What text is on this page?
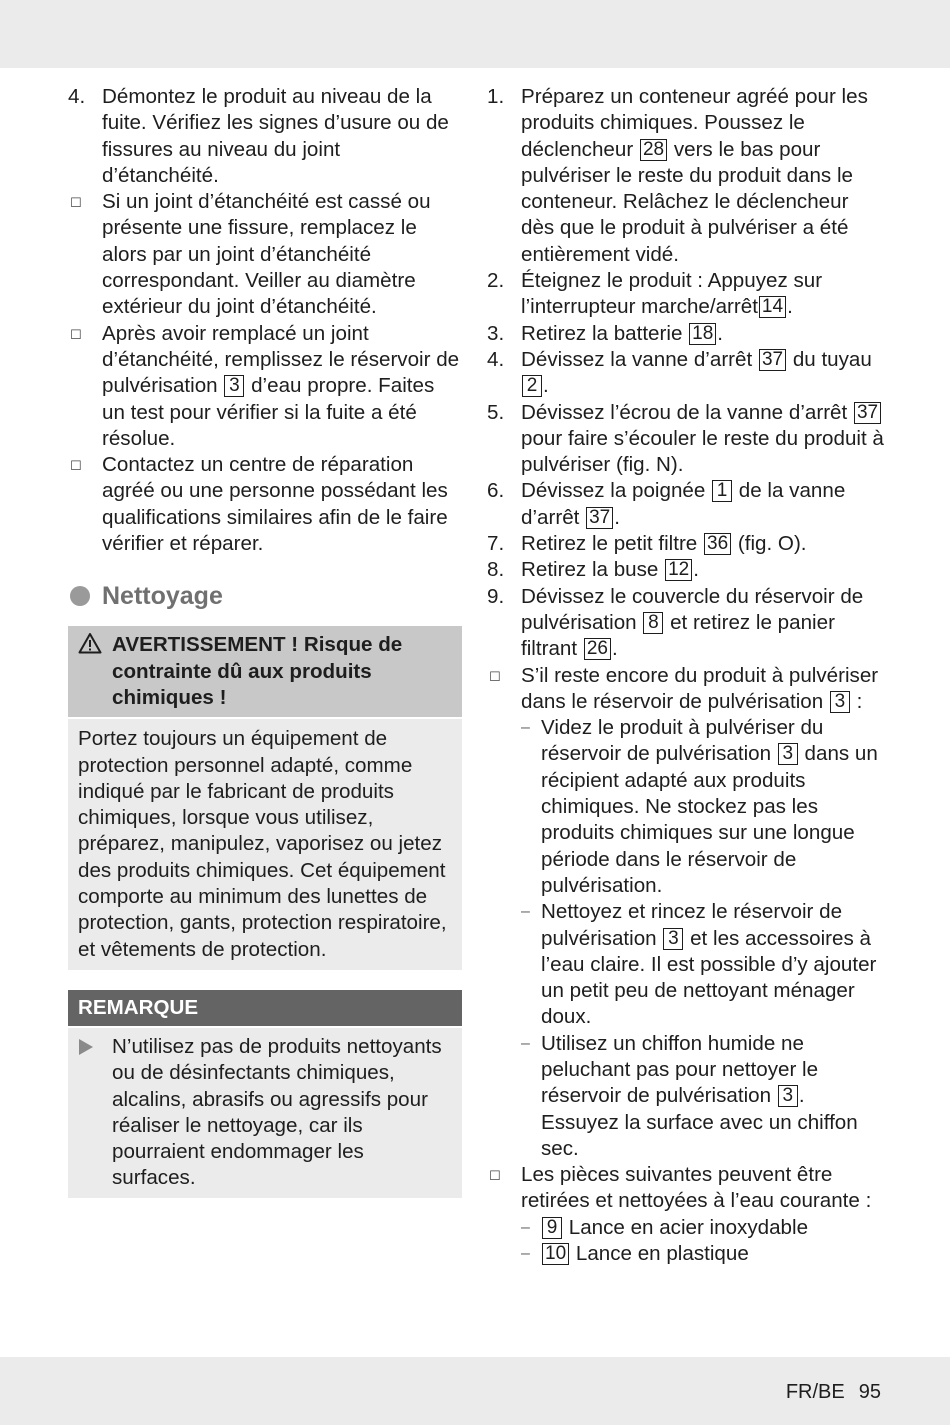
4. Démontez le produit au niveau de la fuite. Vérifiez les signes d’usure ou de fissures au niveau du joint d’étanchéité.
☐ Si un joint d’étanchéité est cassé ou présente une fissure, remplacez le alors par un joint d’étanchéité correspondant. Veiller au diamètre extérieur du joint d’étanchéité.
☐ Après avoir remplacé un joint d’étanchéité, remplissez le réservoir de pulvérisation 3 d’eau propre. Faites un test pour vérifier si la fuite a été résolue.
☐ Contactez un centre de réparation agréé ou une personne possédant les qualifications similaires afin de le faire vérifier et réparer.
Nettoyage
AVERTISSEMENT ! Risque de contrainte dû aux produits chimiques !
Portez toujours un équipement de protection personnel adapté, comme indiqué par le fabricant de produits chimiques, lorsque vous utilisez, préparez, manipulez, vaporisez ou jetez des produits chimiques. Cet équipement comporte au minimum des lunettes de protection, gants, protection respiratoire, et vêtements de protection.
REMARQUE
N’utilisez pas de produits nettoyants ou de désinfectants chimiques, alcalins, abrasifs ou agressifs pour réaliser le nettoyage, car ils pourraient endommager les surfaces.
1. Préparez un conteneur agréé pour les produits chimiques. Poussez le déclencheur 28 vers le bas pour pulvériser le reste du produit dans le conteneur. Relâchez le déclencheur dès que le produit à pulvériser a été entièrement vidé.
2. Éteignez le produit : Appuyez sur l’interrupteur marche/arrêt 14 .
3. Retirez la batterie 18 .
4. Dévissez la vanne d’arrêt 37 du tuyau 2 .
5. Dévissez l’écrou de la vanne d’arrêt 37 pour faire s’écouler le reste du produit à pulvériser (fig. N).
6. Dévissez la poignée 1 de la vanne d’arrêt 37 .
7. Retirez le petit filtre 36 (fig. O).
8. Retirez la buse 12 .
9. Dévissez le couvercle du réservoir de pulvérisation 8 et retirez le panier filtrant 26 .
☐ S’il reste encore du produit à pulvériser dans le réservoir de pulvérisation 3 :
– Videz le produit à pulvériser du réservoir de pulvérisation 3 dans un récipient adapté aux produits chimiques. Ne stockez pas les produits chimiques sur une longue période dans le réservoir de pulvérisation.
– Nettoyez et rincez le réservoir de pulvérisation 3 et les accessoires à l’eau claire. Il est possible d’y ajouter un petit peu de nettoyant ménager doux.
– Utilisez un chiffon humide ne peluchant pas pour nettoyer le réservoir de pulvérisation 3 . Essuyez la surface avec un chiffon sec.
☐ Les pièces suivantes peuvent être retirées et nettoyées à l’eau courante :
– 9 Lance en acier inoxydable
– 10 Lance en plastique
FR/BE 95
